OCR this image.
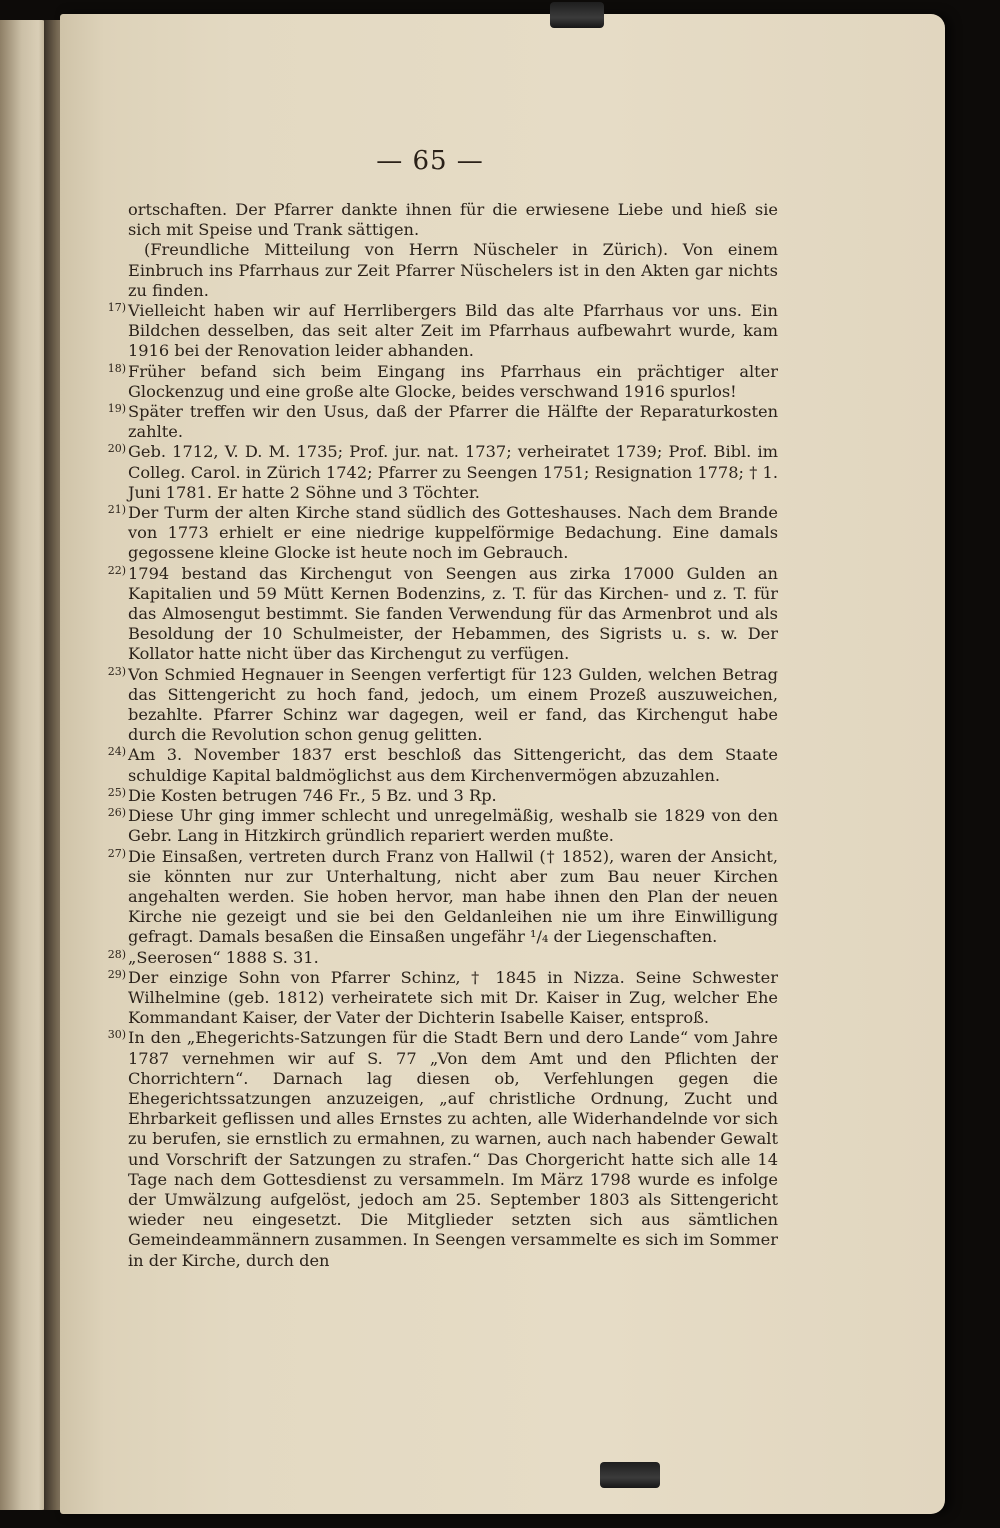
— 65 —

ortschaften. Der Pfarrer dankte ihnen für die erwiesene Liebe und hieß sie sich mit Speise und Trank sättigen.

(Freundliche Mitteilung von Herrn Nüscheler in Zürich). Von einem Einbruch ins Pfarrhaus zur Zeit Pfarrer Nüschelers ist in den Akten gar nichts zu finden.

17) Vielleicht haben wir auf Herrlibergers Bild das alte Pfarrhaus vor uns. Ein Bildchen desselben, das seit alter Zeit im Pfarrhaus aufbewahrt wurde, kam 1916 bei der Renovation leider abhanden.
18) Früher befand sich beim Eingang ins Pfarrhaus ein prächtiger alter Glockenzug und eine große alte Glocke, beides verschwand 1916 spurlos!
19) Später treffen wir den Usus, daß der Pfarrer die Hälfte der Reparaturkosten zahlte.
20) Geb. 1712, V. D. M. 1735; Prof. jur. nat. 1737; verheiratet 1739; Prof. Bibl. im Colleg. Carol. in Zürich 1742; Pfarrer zu Seengen 1751; Resignation 1778; † 1. Juni 1781. Er hatte 2 Söhne und 3 Töchter.
21) Der Turm der alten Kirche stand südlich des Gotteshauses. Nach dem Brande von 1773 erhielt er eine niedrige kuppelförmige Bedachung. Eine damals gegossene kleine Glocke ist heute noch im Gebrauch.
22) 1794 bestand das Kirchengut von Seengen aus zirka 17000 Gulden an Kapitalien und 59 Mütt Kernen Bodenzins, z. T. für das Kirchen- und z. T. für das Almosengut bestimmt. Sie fanden Verwendung für das Armenbrot und als Besoldung der 10 Schulmeister, der Hebammen, des Sigrists u. s. w. Der Kollator hatte nicht über das Kirchengut zu verfügen.
23) Von Schmied Hegnauer in Seengen verfertigt für 123 Gulden, welchen Betrag das Sittengericht zu hoch fand, jedoch, um einem Prozeß auszuweichen, bezahlte. Pfarrer Schinz war dagegen, weil er fand, das Kirchengut habe durch die Revolution schon genug gelitten.
24) Am 3. November 1837 erst beschloß das Sittengericht, das dem Staate schuldige Kapital baldmöglichst aus dem Kirchenvermögen abzuzahlen.
25) Die Kosten betrugen 746 Fr., 5 Bz. und 3 Rp.
26) Diese Uhr ging immer schlecht und unregelmäßig, weshalb sie 1829 von den Gebr. Lang in Hitzkirch gründlich repariert werden mußte.
27) Die Einsaßen, vertreten durch Franz von Hallwil († 1852), waren der Ansicht, sie könnten nur zur Unterhaltung, nicht aber zum Bau neuer Kirchen angehalten werden. Sie hoben hervor, man habe ihnen den Plan der neuen Kirche nie gezeigt und sie bei den Geldanleihen nie um ihre Einwilligung gefragt. Damals besaßen die Einsaßen ungefähr ¹/₄ der Liegenschaften.
28) „Seerosen“ 1888 S. 31.
29) Der einzige Sohn von Pfarrer Schinz, † 1845 in Nizza. Seine Schwester Wilhelmine (geb. 1812) verheiratete sich mit Dr. Kaiser in Zug, welcher Ehe Kommandant Kaiser, der Vater der Dichterin Isabelle Kaiser, entsproß.
30) In den „Ehegerichts-Satzungen für die Stadt Bern und dero Lande“ vom Jahre 1787 vernehmen wir auf S. 77 „Von dem Amt und den Pflichten der Chorrichtern“. Darnach lag diesen ob, Verfehlungen gegen die Ehegerichtssatzungen anzuzeigen, „auf christliche Ordnung, Zucht und Ehrbarkeit geflissen und alles Ernstes zu achten, alle Widerhandelnde vor sich zu berufen, sie ernstlich zu ermahnen, zu warnen, auch nach habender Gewalt und Vorschrift der Satzungen zu strafen.“ Das Chorgericht hatte sich alle 14 Tage nach dem Gottesdienst zu versammeln. Im März 1798 wurde es infolge der Umwälzung aufgelöst, jedoch am 25. September 1803 als Sittengericht wieder neu eingesetzt. Die Mitglieder setzten sich aus sämtlichen Gemeindeammännern zusammen. In Seengen versammelte es sich im Sommer in der Kirche, durch den
